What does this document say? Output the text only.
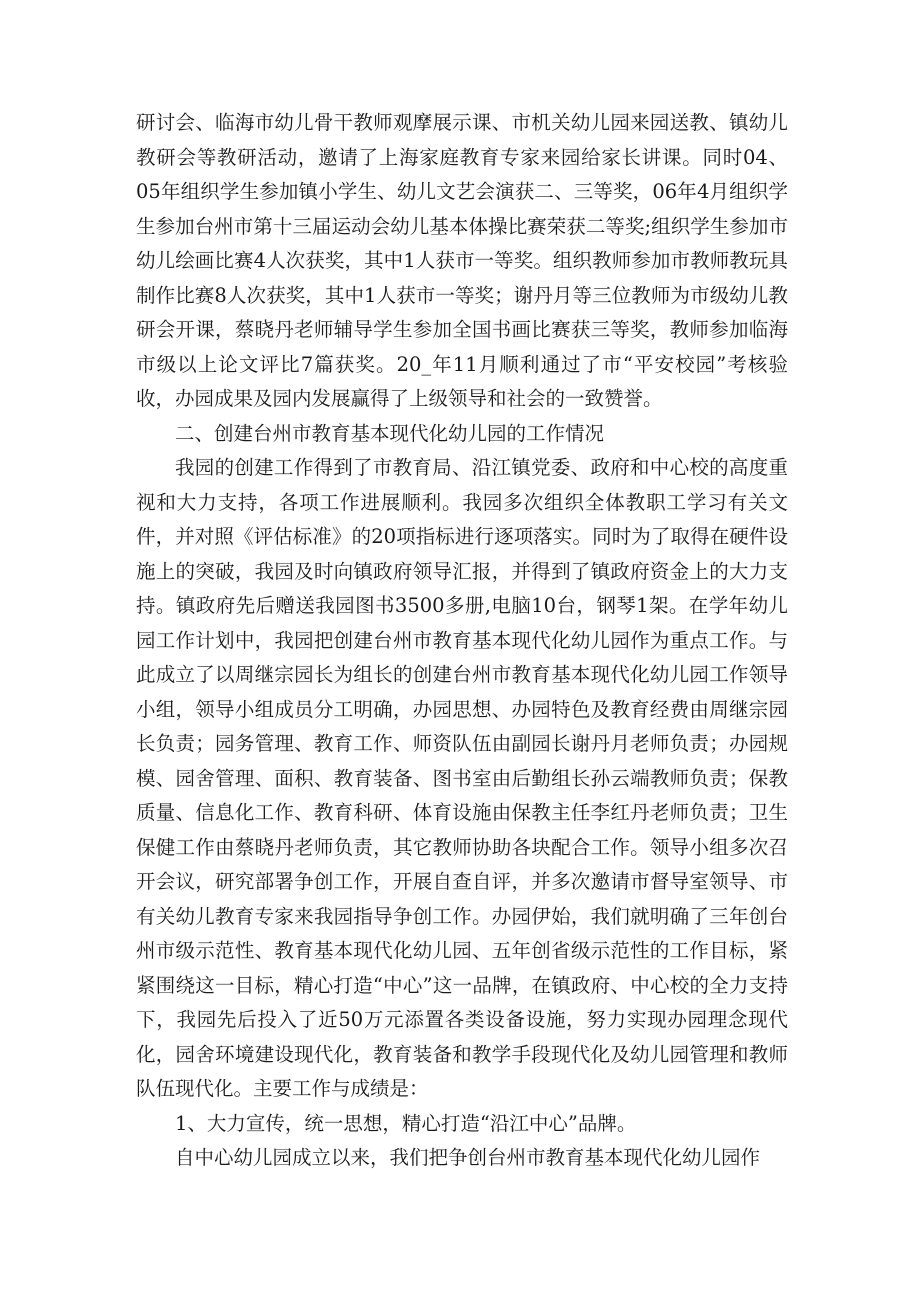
研讨会、临海市幼儿骨干教师观摩展示课、市机关幼儿园来园送教、镇幼儿教研会等教研活动，邀请了上海家庭教育专家来园给家长讲课。同时04、05年组织学生参加镇小学生、幼儿文艺会演获二、三等奖，06年4月组织学生参加台州市第十三届运动会幼儿基本体操比赛荣获二等奖;组织学生参加市幼儿绘画比赛4人次获奖，其中1人获市一等奖。组织教师参加市教师教玩具制作比赛8人次获奖，其中1人获市一等奖；谢丹月等三位教师为市级幼儿教研会开课，蔡晓丹老师辅导学生参加全国书画比赛获三等奖，教师参加临海市级以上论文评比7篇获奖。20_年11月顺利通过了市“平安校园”考核验收，办园成果及园内发展赢得了上级领导和社会的一致赞誉。

二、创建台州市教育基本现代化幼儿园的工作情况

我园的创建工作得到了市教育局、沿江镇党委、政府和中心校的高度重视和大力支持，各项工作进展顺利。我园多次组织全体教职工学习有关文件，并对照《评估标准》的20项指标进行逐项落实。同时为了取得在硬件设施上的突破，我园及时向镇政府领导汇报，并得到了镇政府资金上的大力支持。镇政府先后赠送我园图书3500多册,电脑10台，钢琴1架。在学年幼儿园工作计划中，我园把创建台州市教育基本现代化幼儿园作为重点工作。与此成立了以周继宗园长为组长的创建台州市教育基本现代化幼儿园工作领导小组，领导小组成员分工明确，办园思想、办园特色及教育经费由周继宗园长负责；园务管理、教育工作、师资队伍由副园长谢丹月老师负责；办园规模、园舍管理、面积、教育装备、图书室由后勤组长孙云端教师负责；保教质量、信息化工作、教育科研、体育设施由保教主任李红丹老师负责；卫生保健工作由蔡晓丹老师负责，其它教师协助各块配合工作。领导小组多次召开会议，研究部署争创工作，开展自查自评，并多次邀请市督导室领导、市有关幼儿教育专家来我园指导争创工作。办园伊始，我们就明确了三年创台州市级示范性、教育基本现代化幼儿园、五年创省级示范性的工作目标，紧紧围绕这一目标，精心打造“中心”这一品牌，在镇政府、中心校的全力支持下，我园先后投入了近50万元添置各类设备设施，努力实现办园理念现代化，园舍环境建设现代化，教育装备和教学手段现代化及幼儿园管理和教师队伍现代化。主要工作与成绩是：

1、大力宣传，统一思想，精心打造“沿江中心”品牌。

自中心幼儿园成立以来，我们把争创台州市教育基本现代化幼儿园作
